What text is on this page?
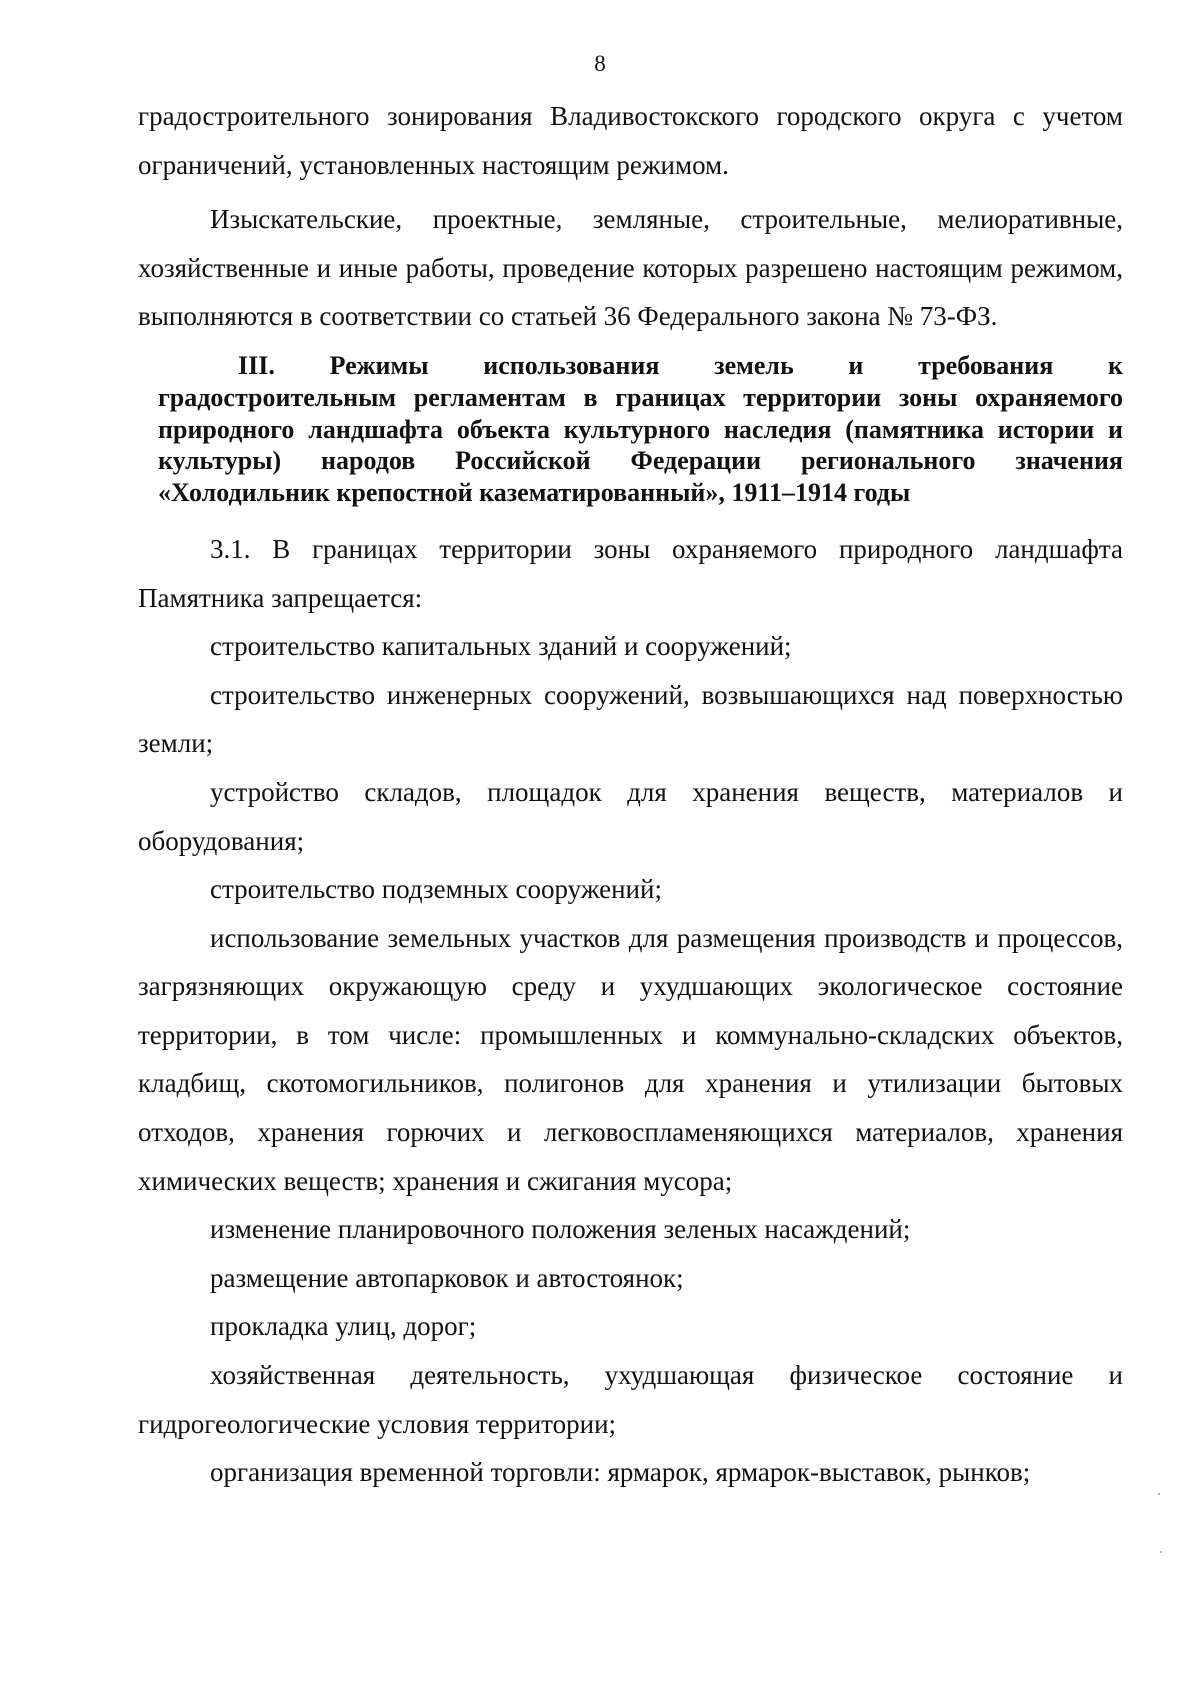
8

градостроительного зонирования Владивостокского городского округа с учетом ограничений, установленных настоящим режимом.

Изыскательские, проектные, земляные, строительные, мелиоративные, хозяйственные и иные работы, проведение которых разрешено настоящим режимом, выполняются в соответствии со статьей 36 Федерального закона № 73-ФЗ.

III. Режимы использования земель и требования к
градостроительным регламентам в границах территории зоны охраняемого природного ландшафта объекта культурного наследия (памятника истории и культуры) народов Российской Федерации регионального значения «Холодильник крепостной казематированный», 1911–1914 годы

3.1. В границах территории зоны охраняемого природного ландшафта Памятника запрещается:

строительство капитальных зданий и сооружений;

строительство инженерных сооружений, возвышающихся над поверхностью земли;

устройство складов, площадок для хранения веществ, материалов и оборудования;

строительство подземных сооружений;

использование земельных участков для размещения производств и процессов, загрязняющих окружающую среду и ухудшающих экологическое состояние территории, в том числе: промышленных и коммунально-складских объектов, кладбищ, скотомогильников, полигонов для хранения и утилизации бытовых отходов, хранения горючих и легковоспламеняющихся материалов, хранения химических веществ; хранения и сжигания мусора;

изменение планировочного положения зеленых насаждений;

размещение автопарковок и автостоянок;

прокладка улиц, дорог;

хозяйственная деятельность, ухудшающая физическое состояние и гидрогеологические условия территории;

организация временной торговли: ярмарок, ярмарок-выставок, рынков;
